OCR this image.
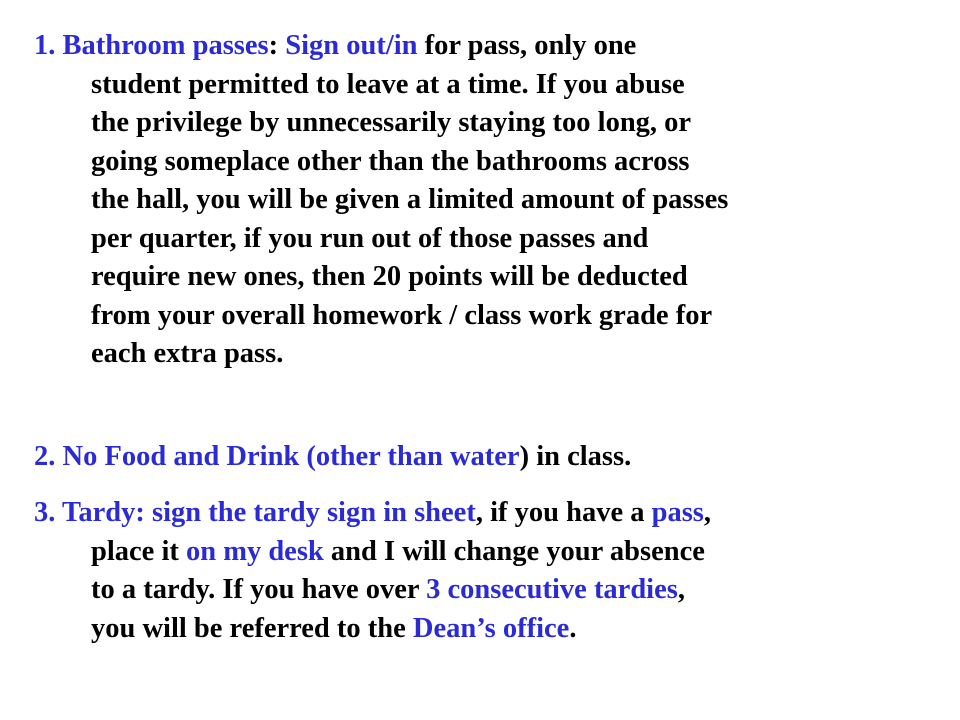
1. Bathroom passes: Sign out/in for pass, only one
student permitted to leave at a time. If you abuse
the privilege by unnecessarily staying too long, or
going someplace other than the bathrooms across
the hall, you will be given a limited amount of passes
per quarter, if you run out of those passes and
require new ones, then 20 points will be deducted
from your overall homework / class work grade for
each extra pass.
2. No Food and Drink (other than water) in class.
3. Tardy: sign the tardy sign in sheet, if you have a pass,
place it on my desk and I will change your absence
to a tardy. If you have over 3 consecutive tardies,
you will be referred to the Dean’s office.
